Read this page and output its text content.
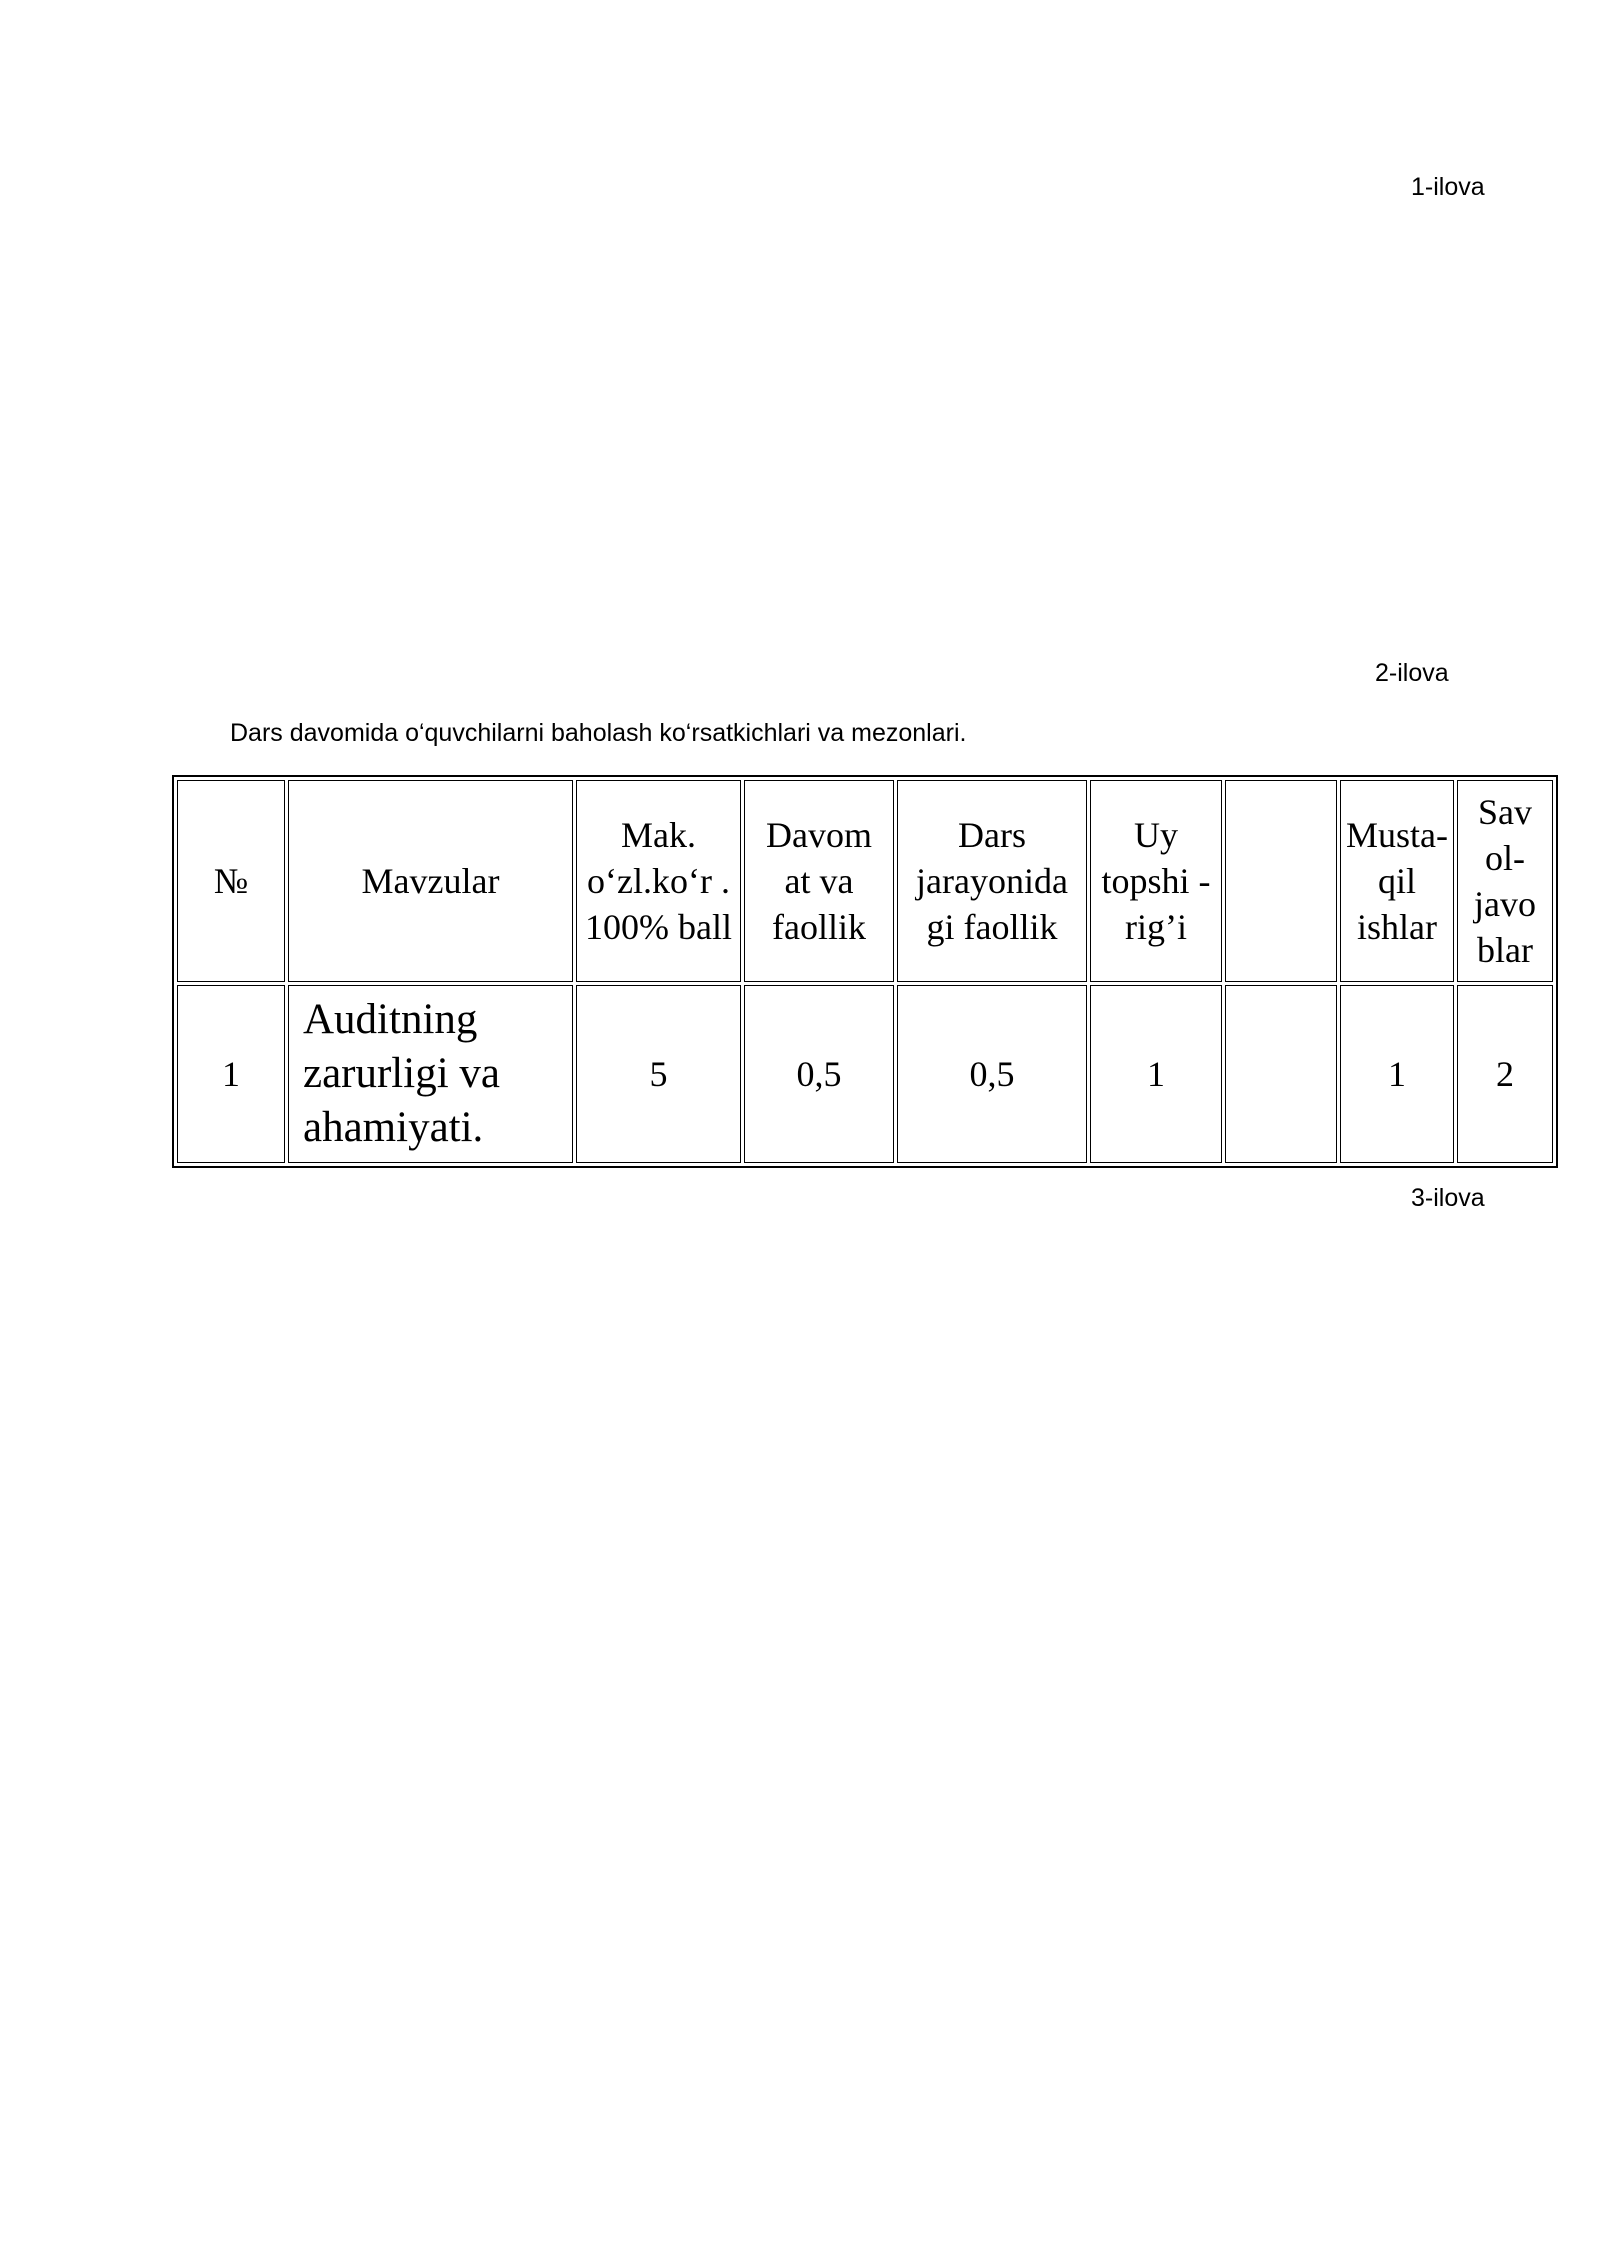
1-ilova
2-ilova
Dars davomida o‘quvchilarni baholash ko‘rsatkichlari va mezonlari.
№	Mavzular	Mak. o‘zl.ko‘r . 100% ball	Davom at va faollik	Dars jarayonida gi faollik	Uy topshi -rig’i		Musta- qil ishlar	Sav ol- javo blar
1	Auditning zarurligi va ahamiyati.	5	0,5	0,5	1		1	2
3-ilova
